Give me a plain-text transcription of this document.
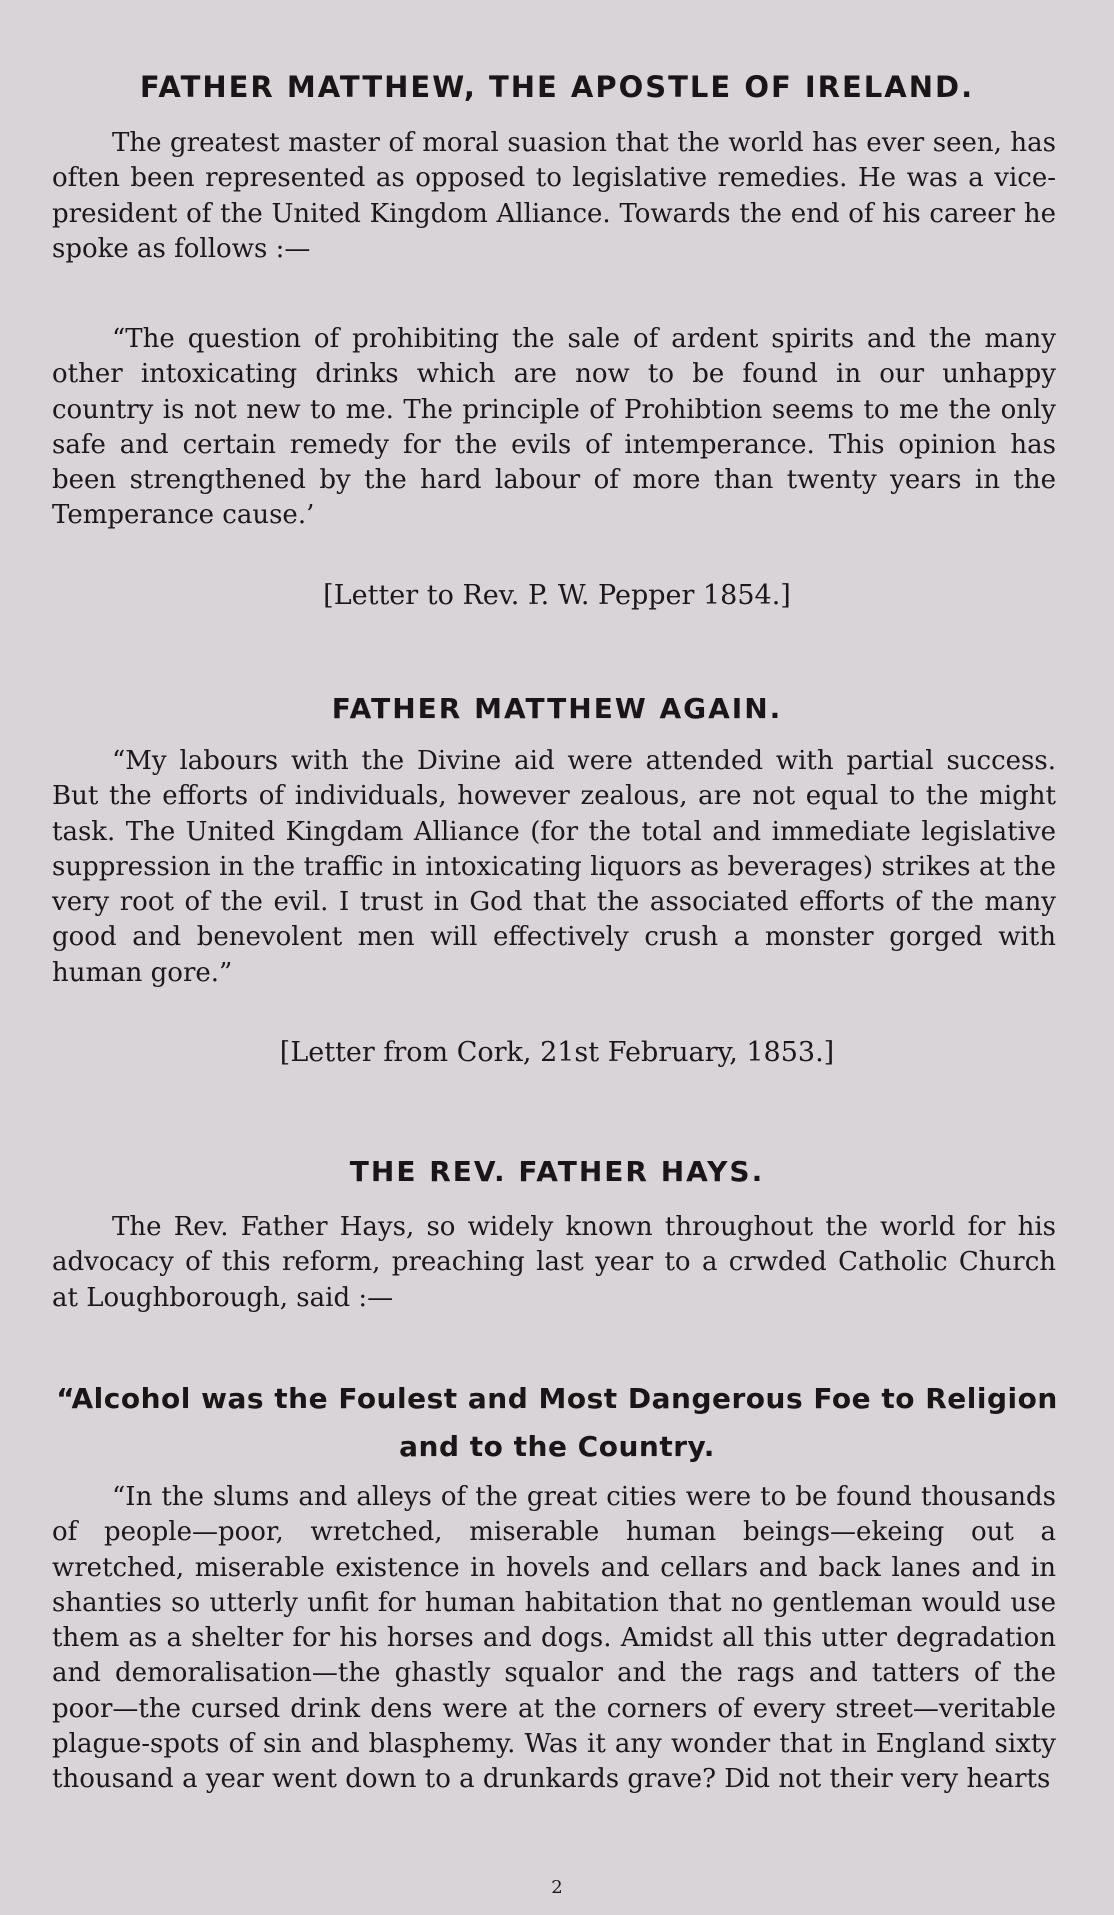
FATHER MATTHEW, THE APOSTLE OF IRELAND.

The greatest master of moral suasion that the world has ever seen, has often been represented as opposed to legislative remedies. He was a vice-president of the United Kingdom Alliance. Towards the end of his career he spoke as follows :—

“The question of prohibiting the sale of ardent spirits and the many other intoxicating drinks which are now to be found in our unhappy country is not new to me. The principle of Prohibtion seems to me the only safe and certain remedy for the evils of intemperance. This opinion has been strengthened by the hard labour of more than twenty years in the Temperance cause.’

[Letter to Rev. P. W. Pepper 1854.]

FATHER MATTHEW AGAIN.

“My labours with the Divine aid were attended with partial success. But the efforts of individuals, however zealous, are not equal to the might task. The United Kingdam Alliance (for the total and immediate legislative suppression in the traffic in intoxicating liquors as beverages) strikes at the very root of the evil. I trust in God that the associated efforts of the many good and benevolent men will effectively crush a monster gorged with human gore.”

[Letter from Cork, 21st February, 1853.]

THE REV. FATHER HAYS.

The Rev. Father Hays, so widely known throughout the world for his advocacy of this reform, preaching last year to a crwded Catholic Church at Loughborough, said :—

“Alcohol was the Foulest and Most Dangerous Foe to Religion
and to the Country.

“In the slums and alleys of the great cities were to be found thousands of people—poor, wretched, miserable human beings—ekeing out a wretched, miserable existence in hovels and cellars and back lanes and in shanties so utterly unfit for human habitation that no gentleman would use them as a shelter for his horses and dogs. Amidst all this utter degradation and demoralisation—the ghastly squalor and the rags and tatters of the poor—the cursed drink dens were at the corners of every street—veritable plague-spots of sin and blasphemy. Was it any wonder that in England sixty thousand a year went down to a drunkards grave? Did not their very hearts

2
